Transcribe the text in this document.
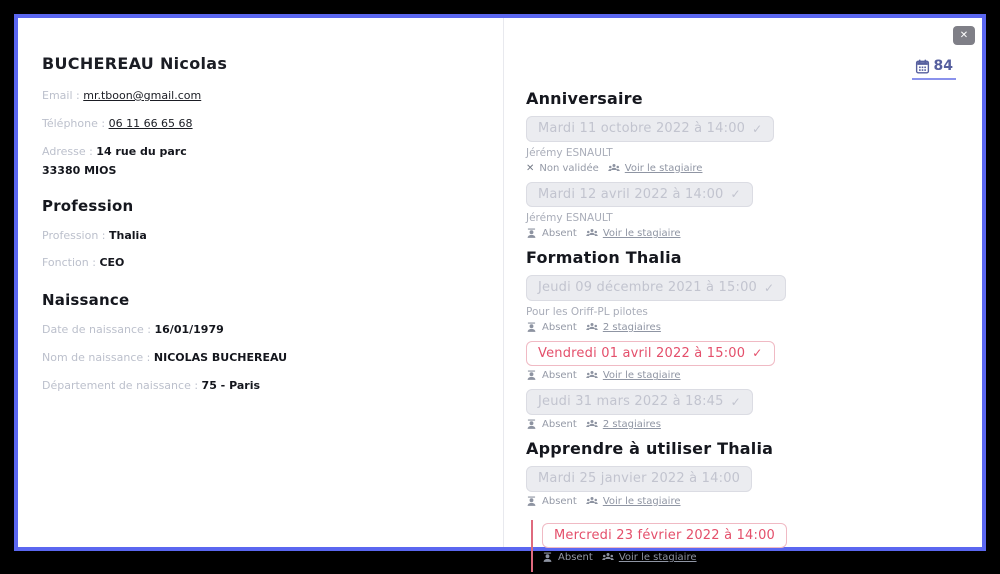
BUCHEREAU Nicolas
Email : mr.tboon@gmail.com
Téléphone : 06 11 66 65 68
Adresse : 14 rue du parc
33380 MIOS
Profession
Profession : Thalia
Fonction : CEO
Naissance
Date de naissance : 16/01/1979
Nom de naissance : NICOLAS BUCHEREAU
Département de naissance : 75 - Paris
✕
84
Anniversaire
Mardi 11 octobre 2022 à 14:00 ✓
Jérémy ESNAULT
✕ Non validée	Voir le stagiaire
Mardi 12 avril 2022 à 14:00 ✓
Jérémy ESNAULT
Absent	Voir le stagiaire
Formation Thalia
Jeudi 09 décembre 2021 à 15:00 ✓
Pour les Oriff-PL pilotes
Absent	2 stagiaires
Vendredi 01 avril 2022 à 15:00 ✓
Absent	Voir le stagiaire
Jeudi 31 mars 2022 à 18:45 ✓
Absent	2 stagiaires
Apprendre à utiliser Thalia
Mardi 25 janvier 2022 à 14:00
Absent	Voir le stagiaire
Mercredi 23 février 2022 à 14:00
Absent	Voir le stagiaire
